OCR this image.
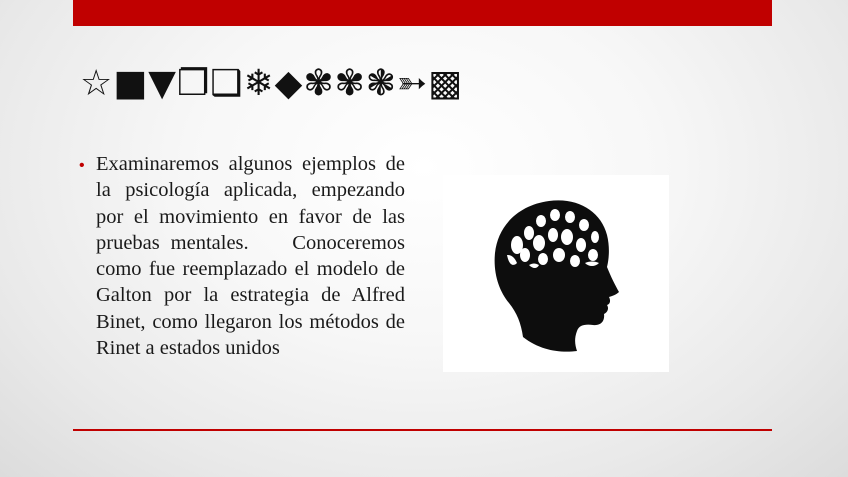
☆■▼❐❑❄◆✾✾❃➳▩
• Examinaremos algunos ejemplos de la psicología aplicada, empezando  por el movimiento en favor de las pruebas mentales.    Conoceremos como fue reemplazado el modelo de Galton por la estrategia de Alfred Binet, como llegaron los métodos de Rinet a estados unidos
